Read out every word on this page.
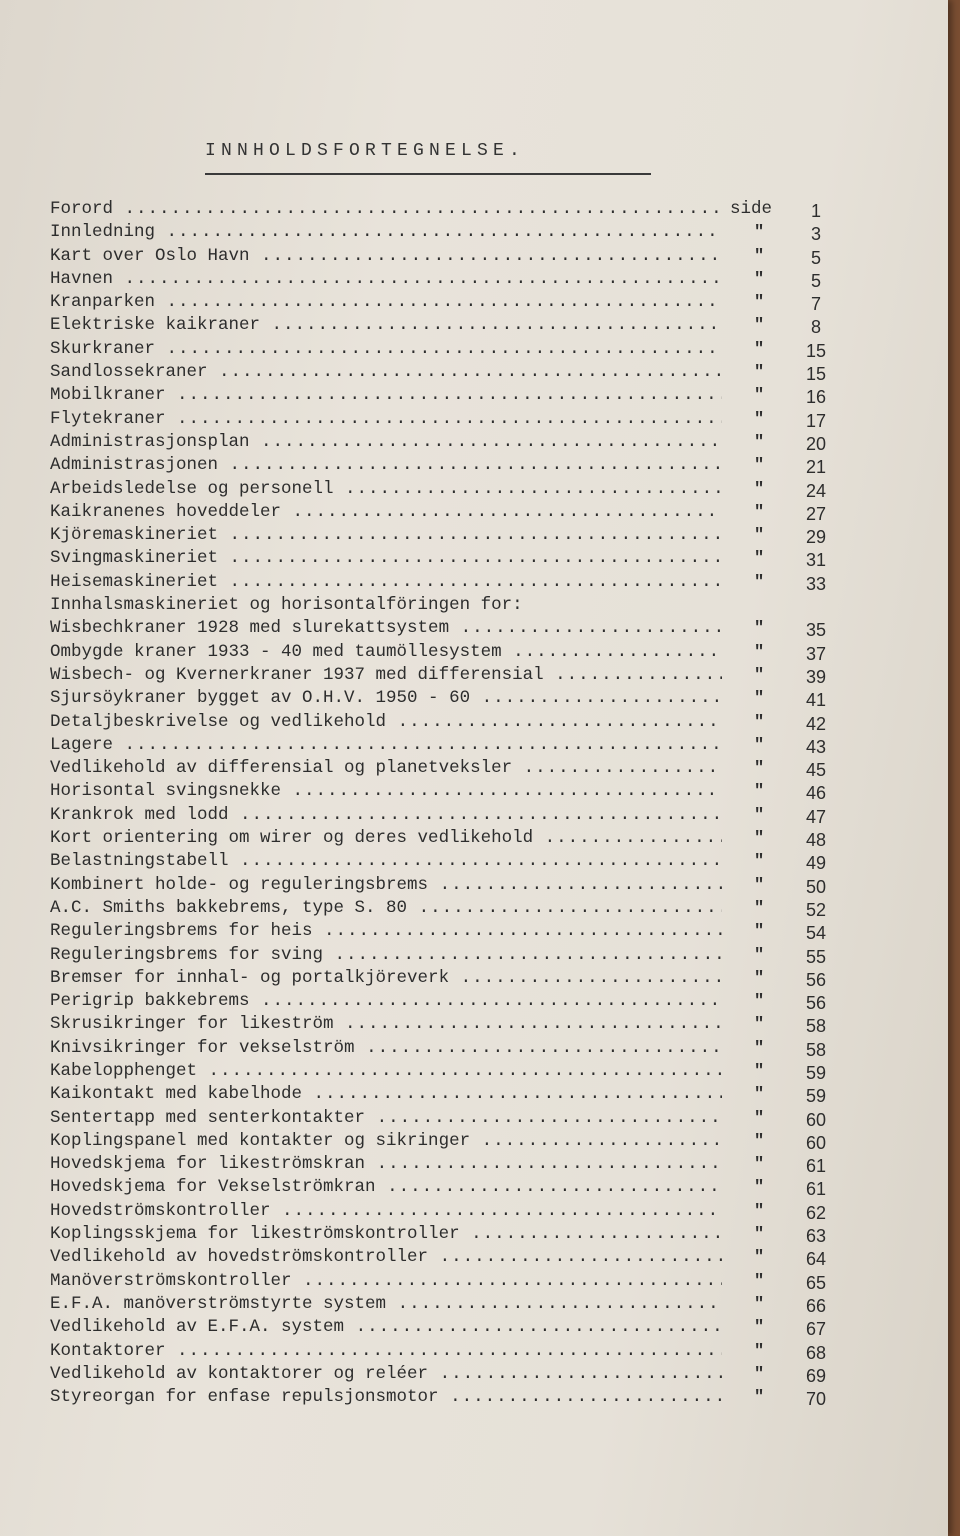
INNHOLDSFORTEGNELSE.
Forord .....	side	1
Innledning .....	"	3
Kart over Oslo Havn .....	"	5
Havnen .....	"	5
Kranparken .....	"	7
Elektriske kaikraner .....	"	8
Skurkraner .....	"	15
Sandlossekraner .....	"	15
Mobilkraner .....	"	16
Flytekraner .....	"	17
Administrasjonsplan .....	"	20
Administrasjonen .....	"	21
Arbeidsledelse og personell .....	"	24
Kaikranenes hoveddeler .....	"	27
Kjöremaskineriet .....	"	29
Svingmaskineriet .....	"	31
Heisemaskineriet .....	"	33
Innhalsmaskineriet og horisontalföringen for:
Wisbechkraner 1928 med slurekattsystem .....	"	35
Ombygde kraner 1933 - 40 med taumöllesystem .....	"	37
Wisbech- og Kvernerkraner 1937 med differensial .....	"	39
Sjursöykraner bygget av O.H.V. 1950 - 60 .....	"	41
Detaljbeskrivelse og vedlikehold .....	"	42
Lagere .....	"	43
Vedlikehold av differensial og planetveksler .....	"	45
Horisontal svingsnekke .....	"	46
Krankrok med lodd .....	"	47
Kort orientering om wirer og deres vedlikehold .....	"	48
Belastningstabell .....	"	49
Kombinert holde- og reguleringsbrems .....	"	50
A.C. Smiths bakkebrems, type S. 80 .....	"	52
Reguleringsbrems for heis .....	"	54
Reguleringsbrems for sving .....	"	55
Bremser for innhal- og portalkjöreverk .....	"	56
Perigrip bakkebrems .....	"	56
Skrusikringer for likeström .....	"	58
Knivsikringer for vekselström .....	"	58
Kabelopphenget .....	"	59
Kaikontakt med kabelhode .....	"	59
Sentertapp med senterkontakter .....	"	60
Koplingspanel med kontakter og sikringer .....	"	60
Hovedskjema for likeströmskran .....	"	61
Hovedskjema for Vekselströmkran .....	"	61
Hovedströmskontroller .....	"	62
Koplingsskjema for likeströmskontroller .....	"	63
Vedlikehold av hovedströmskontroller .....	"	64
Manöverströmskontroller .....	"	65
E.F.A. manöverströmstyrte system .....	"	66
Vedlikehold av E.F.A. system .....	"	67
Kontaktorer .....	"	68
Vedlikehold av kontaktorer og reléer .....	"	69
Styreorgan for enfase repulsjonsmotor .....	"	70
